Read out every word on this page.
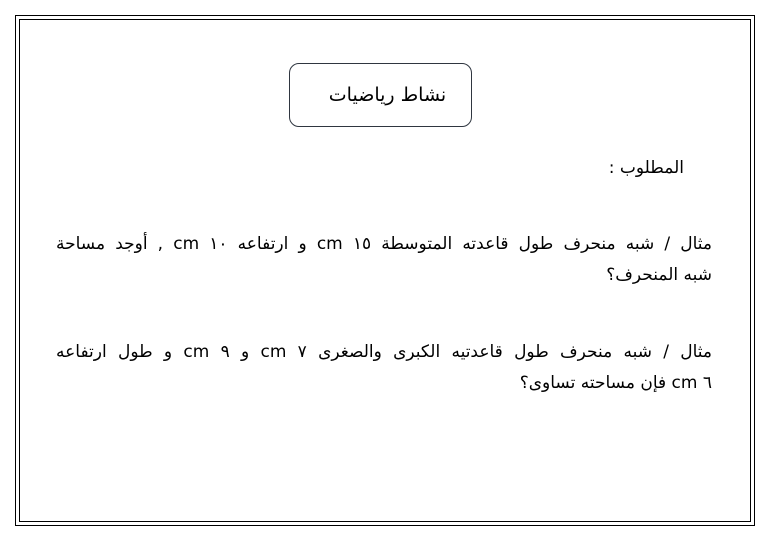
نشاط رياضيات
المطلوب :
مثال / شبه منحرف طول قاعدته المتوسطة ١٥ cm و ارتفاعه ١٠ cm , أوجد مساحة
شبه المنحرف؟
مثال / شبه منحرف طول قاعدتيه الكبرى والصغرى ٧ cm و ٩ cm و طول ارتفاعه
٦ cm فإن مساحته تساوى؟
